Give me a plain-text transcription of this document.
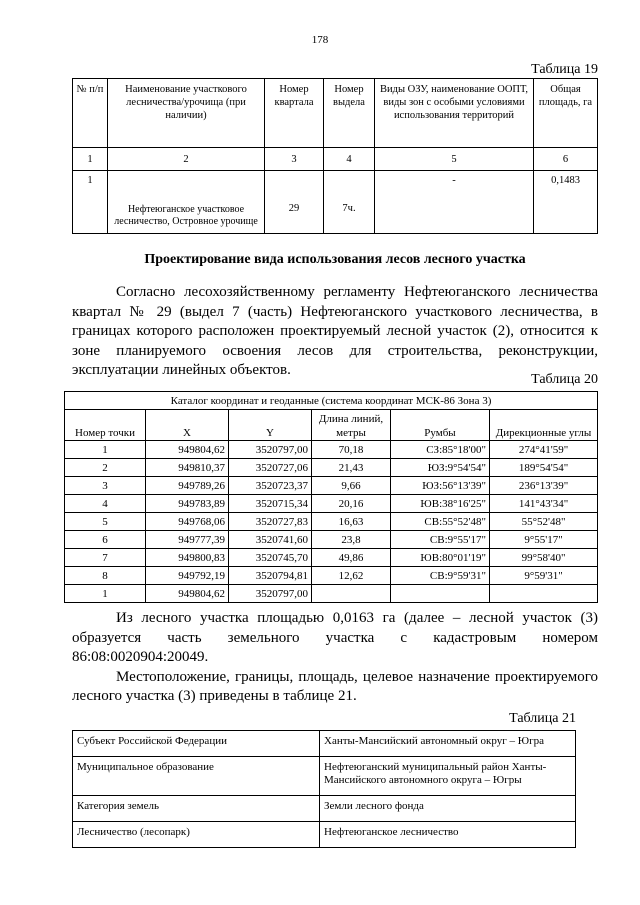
178
Таблица 19
№ п/п	Наименование участкового лесничества/урочища (при наличии)	Номер квартала	Номер выдела	Виды ОЗУ, наименование ООПТ, виды зон с особыми условиями использования территорий	Общая площадь, га
1	2	3	4	5	6
1	Нефтеюганское участковое лесничество, Островное урочище	29	7ч.	-	0,1483
Проектирование вида использования лесов лесного участка

Согласно лесохозяйственному регламенту Нефтеюганского лесничества квартал № 29 (выдел 7 (часть) Нефтеюганского участкового лесничества, в границах которого расположен проектируемый лесной участок (2), относится к зоне планируемого освоения лесов для строительства, реконструкции, эксплуатации линейных объектов.

Таблица 20
Каталог координат и геоданные (система координат МСК-86 Зона 3)					
Номер точки	X	Y	Длина линий, метры	Румбы	Дирекционные углы
1	949804,62	3520797,00	70,18	СЗ:85°18'00"	274°41'59"
2	949810,37	3520727,06	21,43	ЮЗ:9°54'54"	189°54'54"
3	949789,26	3520723,37	9,66	ЮЗ:56°13'39"	236°13'39"
4	949783,89	3520715,34	20,16	ЮВ:38°16'25"	141°43'34"
5	949768,06	3520727,83	16,63	СВ:55°52'48"	55°52'48"
6	949777,39	3520741,60	23,8	СВ:9°55'17"	9°55'17"
7	949800,83	3520745,70	49,86	ЮВ:80°01'19"	99°58'40"
8	949792,19	3520794,81	12,62	СВ:9°59'31"	9°59'31"
1	949804,62	3520797,00			

Из лесного участка площадью 0,0163 га (далее – лесной участок (3) образуется часть земельного участка с кадастровым номером 86:08:0020904:20049.

Местоположение, границы, площадь, целевое назначение проектируемого лесного участка (3) приведены в таблице 21.

Таблица 21
Субъект Российской Федерации	Ханты-Мансийский автономный округ – Югра
Муниципальное образование	Нефтеюганский муниципальный район Ханты-Мансийского автономного округа – Югры
Категория земель	Земли лесного фонда
Лесничество (лесопарк)	Нефтеюганское лесничество
